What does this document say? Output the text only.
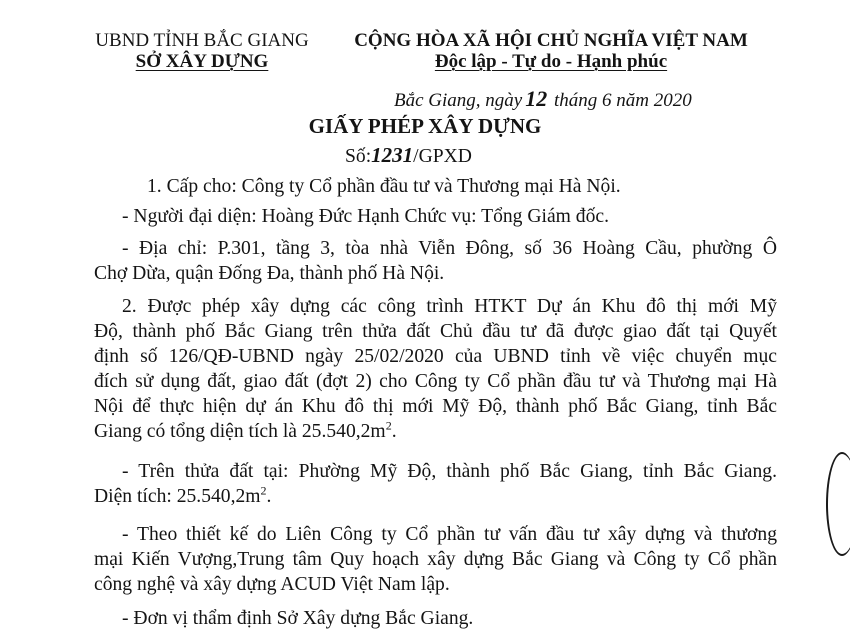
UBND TỈNH BẮC GIANG
SỞ XÂY DỰNG
CỘNG HÒA XÃ HỘI CHỦ NGHĨA VIỆT NAM
Độc lập - Tự do - Hạnh phúc
Bắc Giang, ngày 12 tháng 6 năm 2020
GIẤY PHÉP XÂY DỰNG
Số:1231/GPXD
1. Cấp cho: Công ty Cổ phần đầu tư và Thương mại Hà Nội.
- Người đại diện: Hoàng Đức Hạnh Chức vụ: Tổng Giám đốc.
- Địa chỉ: P.301, tầng 3, tòa nhà Viễn Đông, số 36 Hoàng Cầu, phường Ô
Chợ Dừa, quận Đống Đa, thành phố Hà Nội.
2. Được phép xây dựng các công trình HTKT Dự án Khu đô thị mới Mỹ
Độ, thành phố Bắc Giang trên thửa đất Chủ đầu tư đã được giao đất tại Quyết
định số 126/QĐ-UBND ngày 25/02/2020 của UBND tỉnh về việc chuyển mục
đích sử dụng đất, giao đất (đợt 2) cho Công ty Cổ phần đầu tư và Thương mại Hà
Nội để thực hiện dự án Khu đô thị mới Mỹ Độ, thành phố Bắc Giang, tỉnh Bắc
Giang có tổng diện tích là $25.540,2m^2$.
- Trên thửa đất tại: Phường Mỹ Độ, thành phố Bắc Giang, tỉnh Bắc Giang.
Diện tích: $25.540,2m^2$.
- Theo thiết kế do Liên Công ty Cổ phần tư vấn đầu tư xây dựng và thương
mại Kiến Vượng,Trung tâm Quy hoạch xây dựng Bắc Giang và Công ty Cổ phần
công nghệ và xây dựng ACUD Việt Nam lập.
- Đơn vị thẩm định Sở Xây dựng Bắc Giang.
